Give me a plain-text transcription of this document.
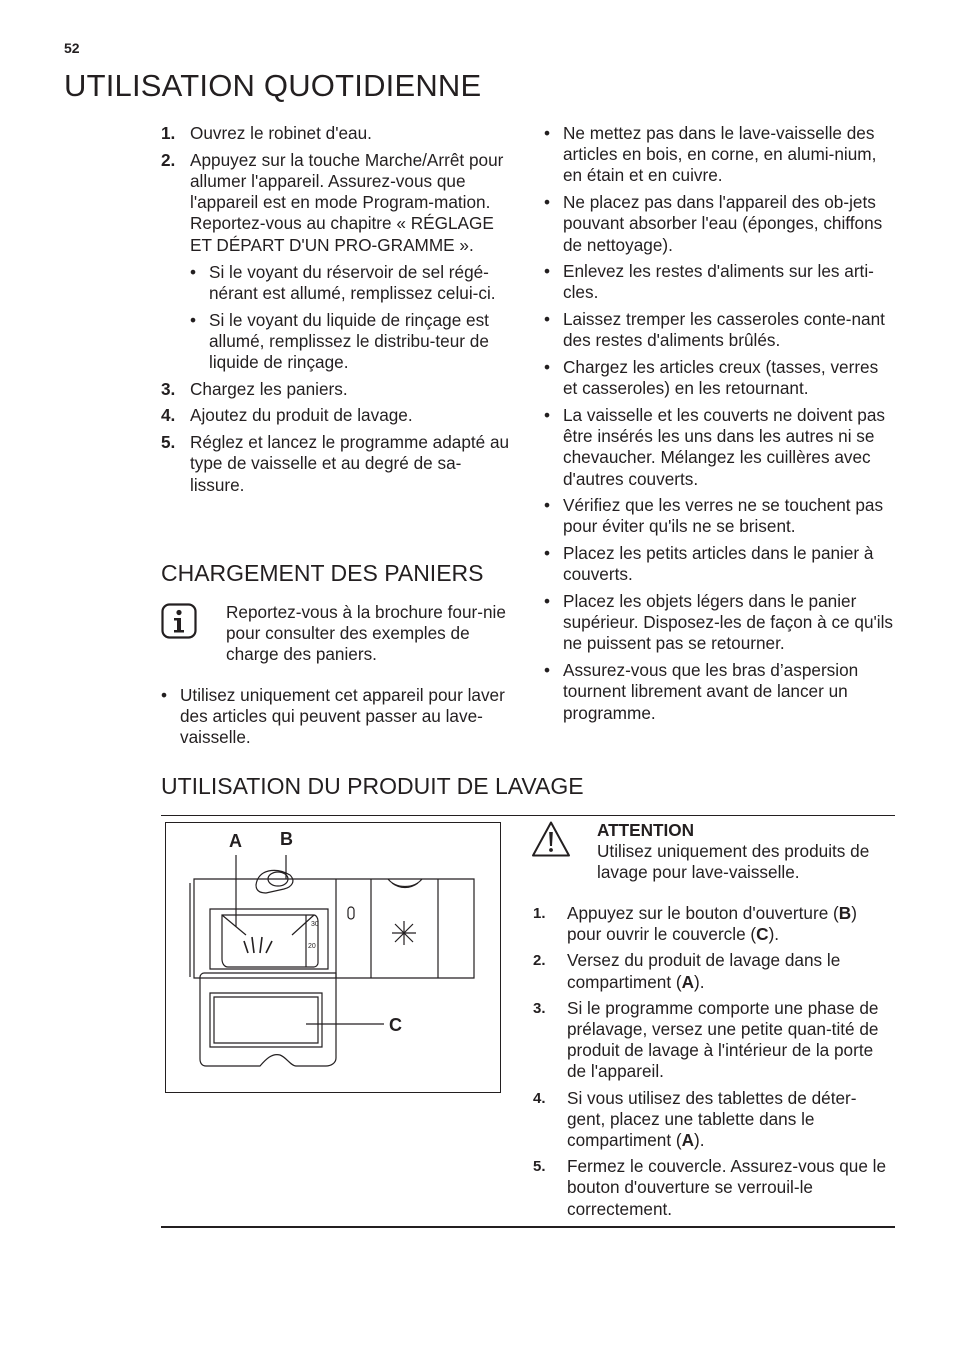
52
UTILISATION QUOTIDIENNE
1. Ouvrez le robinet d'eau.
2. Appuyez sur la touche Marche/Arrêt pour allumer l'appareil. Assurez-vous que l'appareil est en mode Program-mation. Reportez-vous au chapitre « RÉGLAGE ET DÉPART D'UN PRO-GRAMME ».
• Si le voyant du réservoir de sel régé-nérant est allumé, remplissez celui-ci.
• Si le voyant du liquide de rinçage est allumé, remplissez le distribu-teur de liquide de rinçage.
3. Chargez les paniers.
4. Ajoutez du produit de lavage.
5. Réglez et lancez le programme adapté au type de vaisselle et au degré de sa-lissure.
CHARGEMENT DES PANIERS
Reportez-vous à la brochure four-nie pour consulter des exemples de charge des paniers.
• Utilisez uniquement cet appareil pour laver des articles qui peuvent passer au lave-vaisselle.
• Ne mettez pas dans le lave-vaisselle des articles en bois, en corne, en alumi-nium, en étain et en cuivre.
• Ne placez pas dans l'appareil des ob-jets pouvant absorber l'eau (éponges, chiffons de nettoyage).
• Enlevez les restes d'aliments sur les arti-cles.
• Laissez tremper les casseroles conte-nant des restes d'aliments brûlés.
• Chargez les articles creux (tasses, verres et casseroles) en les retournant.
• La vaisselle et les couverts ne doivent pas être insérés les uns dans les autres ni se chevaucher. Mélangez les cuillères avec d'autres couverts.
• Vérifiez que les verres ne se touchent pas pour éviter qu'ils ne se brisent.
• Placez les petits articles dans le panier à couverts.
• Placez les objets légers dans le panier supérieur. Disposez-les de façon à ce qu'ils ne puissent pas se retourner.
• Assurez-vous que les bras d’aspersion tournent librement avant de lancer un programme.
UTILISATION DU PRODUIT DE LAVAGE
A B
C
30
20
ATTENTION
Utilisez uniquement des produits de lavage pour lave-vaisselle.
1. Appuyez sur le bouton d'ouverture (B) pour ouvrir le couvercle (C).
2. Versez du produit de lavage dans le compartiment (A).
3. Si le programme comporte une phase de prélavage, versez une petite quan-tité de produit de lavage à l'intérieur de la porte de l'appareil.
4. Si vous utilisez des tablettes de déter-gent, placez une tablette dans le compartiment (A).
5. Fermez le couvercle. Assurez-vous que le bouton d'ouverture se verrouil-le correctement.
